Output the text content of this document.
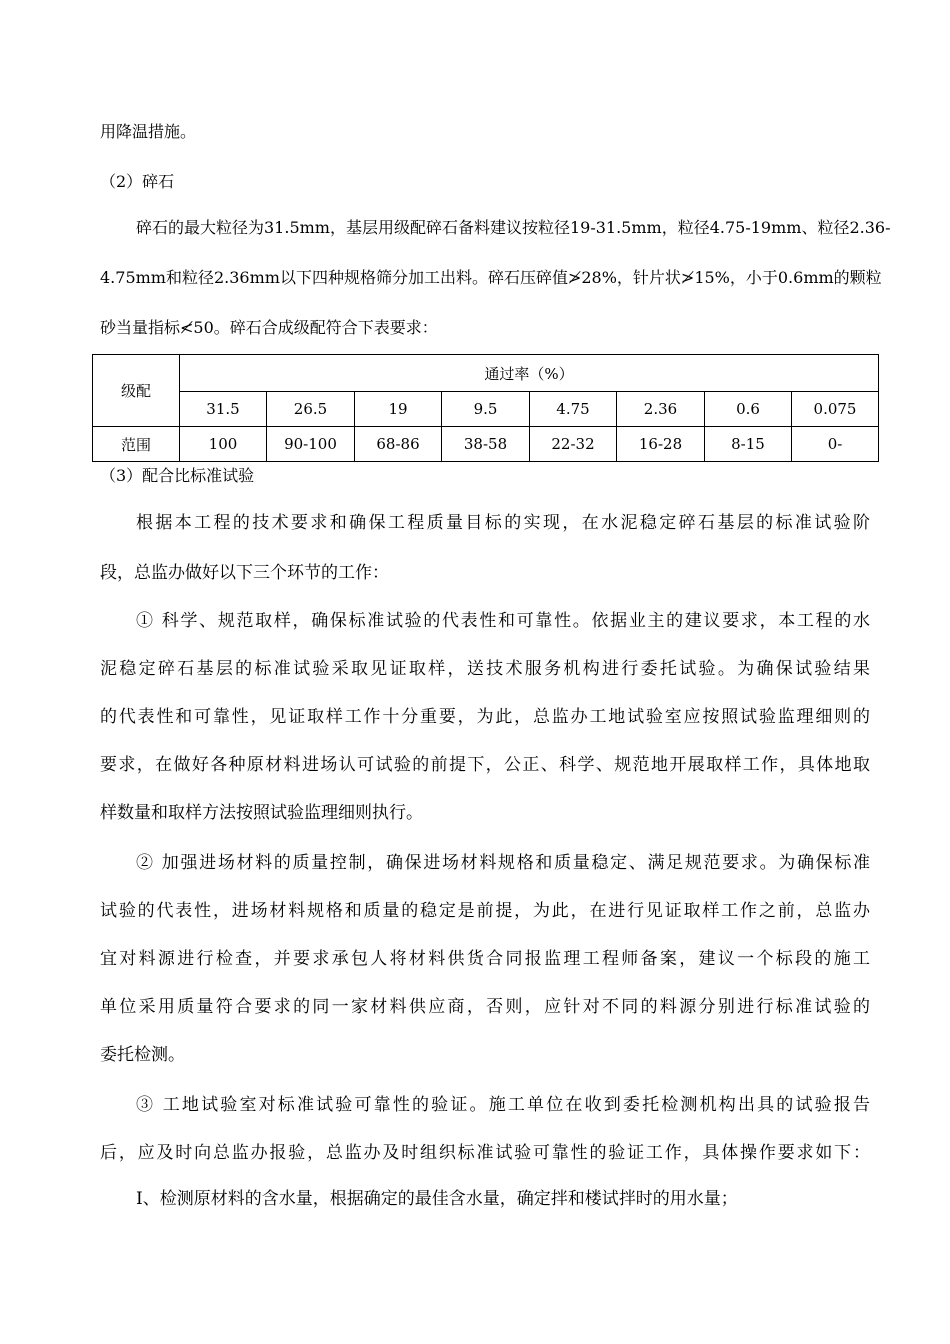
用降温措施。
（2）碎石
碎石的最大粒径为31.5mm，基层用级配碎石备料建议按粒径19-31.5mm，粒径4.75-19mm、粒径2.36-
4.75mm和粒径2.36mm以下四种规格筛分加工出料。碎石压碎值≯28%，针片状≯15%，小于0.6mm的颗粒
砂当量指标≮50。碎石合成级配符合下表要求：
级配	通过率（%）							
	31.5	26.5	19	9.5	4.75	2.36	0.6	0.075
范围	100	90-100	68-86	38-58	22-32	16-28	8-15	0-
（3）配合比标准试验
根据本工程的技术要求和确保工程质量目标的实现，在水泥稳定碎石基层的标准试验阶
段，总监办做好以下三个环节的工作：
① 科学、规范取样，确保标准试验的代表性和可靠性。依据业主的建议要求，本工程的水
泥稳定碎石基层的标准试验采取见证取样，送技术服务机构进行委托试验。为确保试验结果
的代表性和可靠性，见证取样工作十分重要，为此，总监办工地试验室应按照试验监理细则的
要求，在做好各种原材料进场认可试验的前提下，公正、科学、规范地开展取样工作，具体地取
样数量和取样方法按照试验监理细则执行。
② 加强进场材料的质量控制，确保进场材料规格和质量稳定、满足规范要求。为确保标准
试验的代表性，进场材料规格和质量的稳定是前提，为此，在进行见证取样工作之前，总监办
宜对料源进行检查，并要求承包人将材料供货合同报监理工程师备案，建议一个标段的施工
单位采用质量符合要求的同一家材料供应商，否则，应针对不同的料源分别进行标准试验的
委托检测。
③ 工地试验室对标准试验可靠性的验证。施工单位在收到委托检测机构出具的试验报告
后，应及时向总监办报验，总监办及时组织标准试验可靠性的验证工作，具体操作要求如下：
Ⅰ、检测原材料的含水量，根据确定的最佳含水量，确定拌和楼试拌时的用水量；
